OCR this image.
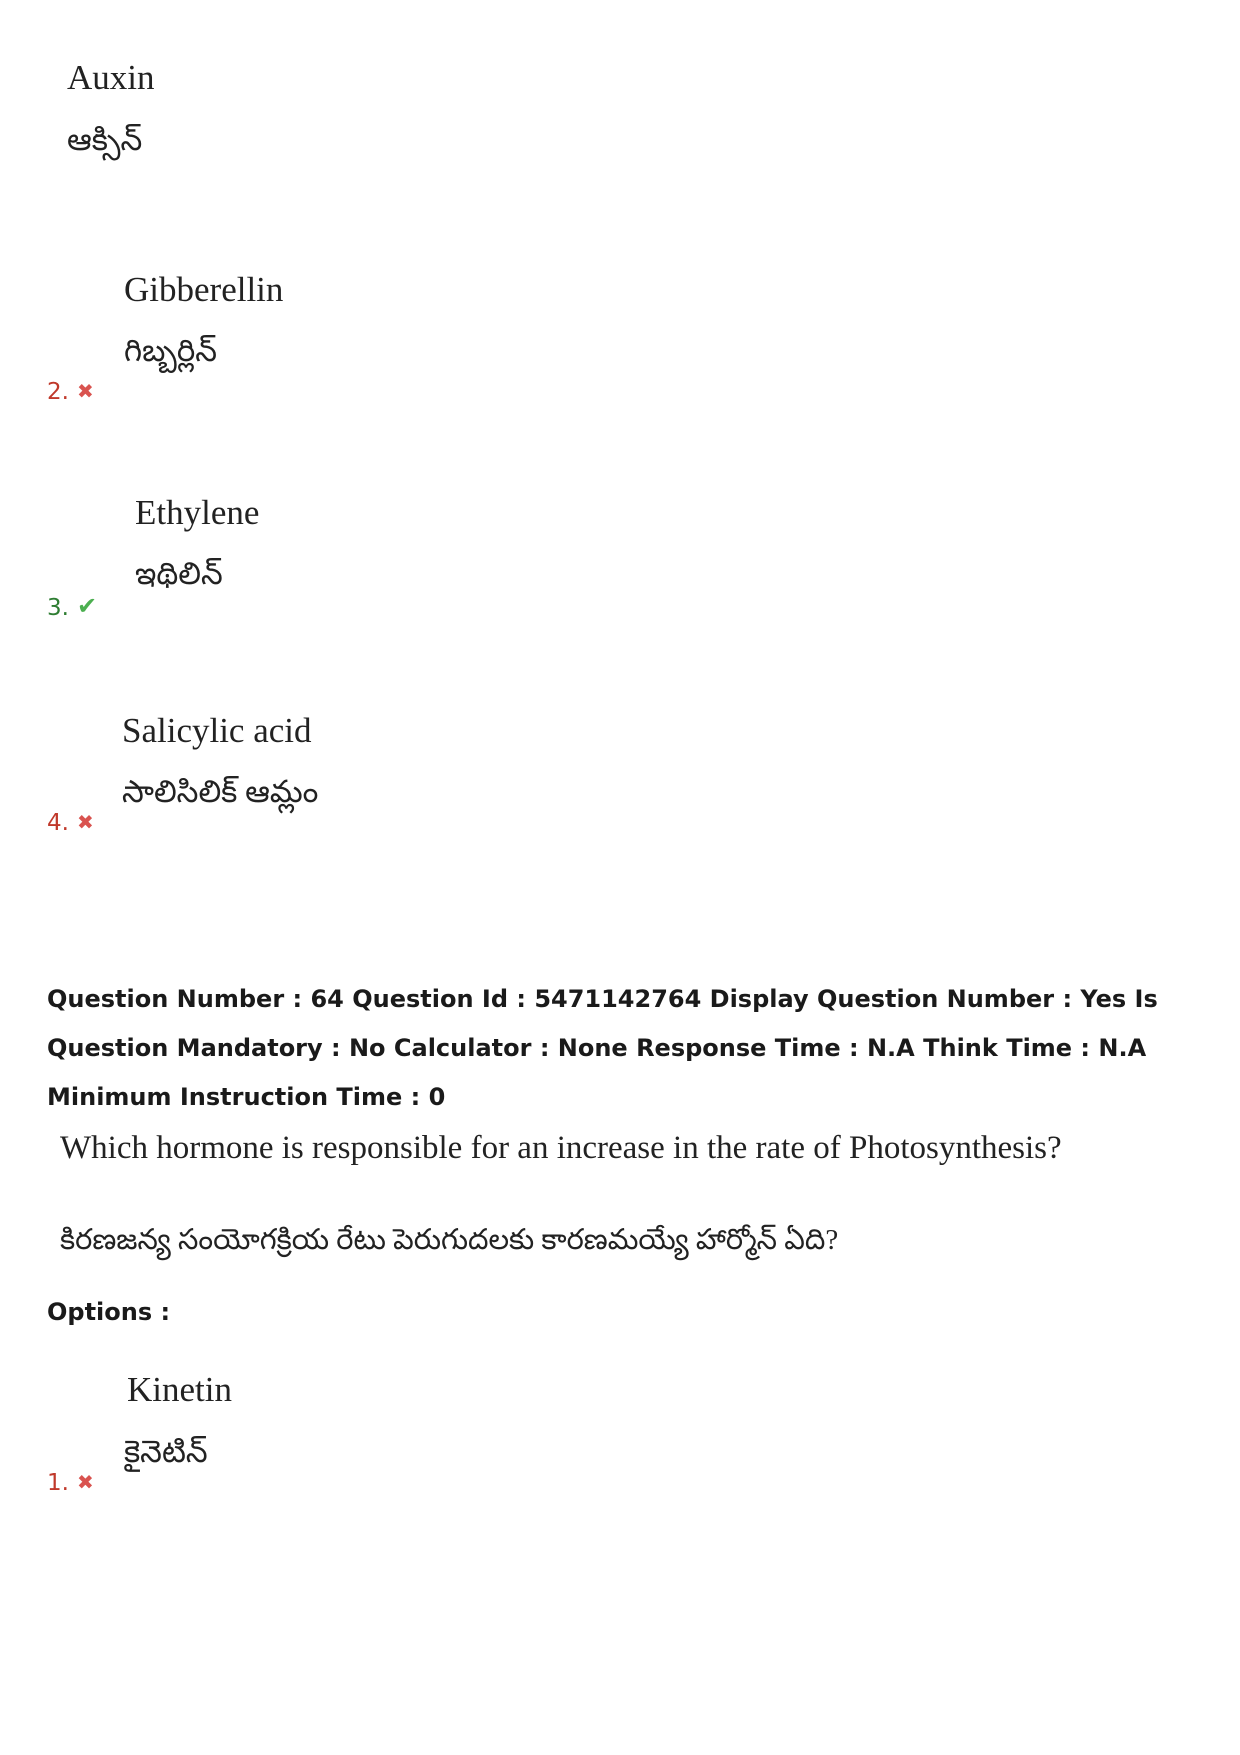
Auxin
ఆక్సిన్
Gibberellin
గిబ్బర్లిన్
2. ✖
Ethylene
ఇథిలిన్
3. ✔
Salicylic acid
సాలిసిలిక్ ఆమ్లం
4. ✖
Question Number : 64 Question Id : 5471142764 Display Question Number : Yes Is Question Mandatory : No Calculator : None Response Time : N.A Think Time : N.A Minimum Instruction Time : 0
Which hormone is responsible for an increase in the rate of Photosynthesis?
కిరణజన్య సంయోగక్రియ రేటు పెరుగుదలకు కారణమయ్యే హార్మోన్ ఏది?
Options :
Kinetin
కైనెటిన్
1. ✖
